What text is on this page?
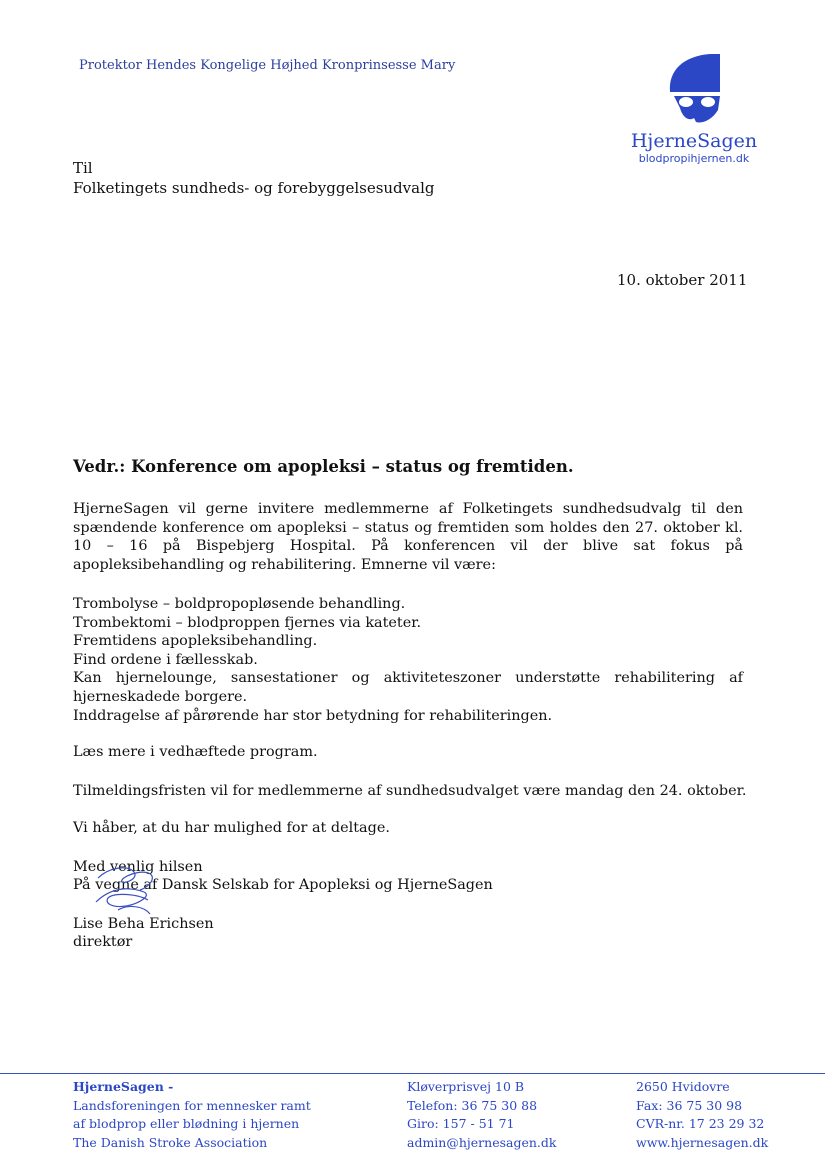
Protektor Hendes Kongelige Højhed Kronprinsesse Mary
HjerneSagen
blodpropihjernen.dk
Til
Folketingets sundheds- og forebyggelsesudvalg
10. oktober 2011
Vedr.: Konference om apopleksi – status og fremtiden.
HjerneSagen vil gerne invitere medlemmerne af Folketingets sundhedsudvalg til den spændende konference om apopleksi – status og fremtiden som holdes den 27. oktober kl. 10 – 16 på Bispebjerg Hospital. På konferencen vil der blive sat fokus på apopleksibehandling og rehabilitering. Emnerne vil være:
Trombolyse – boldpropopløsende behandling.
Trombektomi – blodproppen fjernes via kateter.
Fremtidens apopleksibehandling.
Find ordene i fællesskab.
Kan hjernelounge, sansestationer og aktiviteteszoner understøtte rehabilitering af hjerneskadede borgere.
Inddragelse af pårørende har stor betydning for rehabiliteringen.
Læs mere i vedhæftede program.
Tilmeldingsfristen vil for medlemmerne af sundhedsudvalget være mandag den 24. oktober.
Vi håber, at du har mulighed for at deltage.
Med venlig hilsen
På vegne af Dansk Selskab for Apopleksi og HjerneSagen
Lise Beha Erichsen
direktør
HjerneSagen -
Landsforeningen for mennesker ramt
af blodprop eller blødning i hjernen
The Danish Stroke Association
Kløverprisvej 10 B
Telefon: 36 75 30 88
Giro: 157 - 51 71
admin@hjernesagen.dk
2650 Hvidovre
Fax: 36 75 30 98
CVR-nr. 17 23 29 32
www.hjernesagen.dk
